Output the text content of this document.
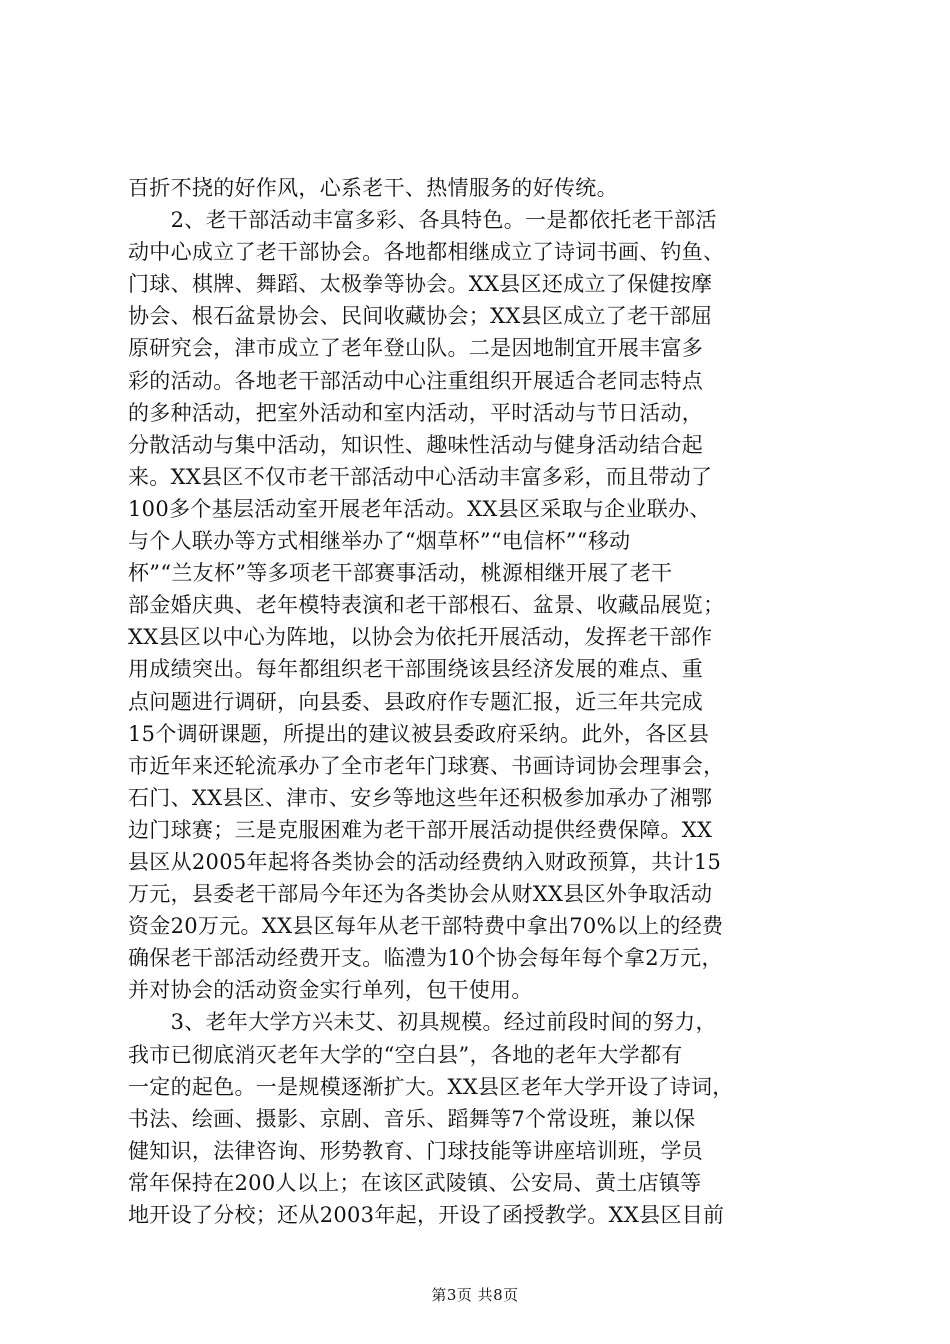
百折不挠的好作风，心系老干、热情服务的好传统。
　　2、老干部活动丰富多彩、各具特色。一是都依托老干部活
动中心成立了老干部协会。各地都相继成立了诗词书画、钓鱼、
门球、棋牌、舞蹈、太极拳等协会。XX县区还成立了保健按摩
协会、根石盆景协会、民间收藏协会；XX县区成立了老干部屈
原研究会，津市成立了老年登山队。二是因地制宜开展丰富多
彩的活动。各地老干部活动中心注重组织开展适合老同志特点
的多种活动，把室外活动和室内活动，平时活动与节日活动，
分散活动与集中活动，知识性、趣味性活动与健身活动结合起
来。XX县区不仅市老干部活动中心活动丰富多彩，而且带动了
100多个基层活动室开展老年活动。XX县区采取与企业联办、
与个人联办等方式相继举办了“烟草杯”“电信杯”“移动
杯”“兰友杯”等多项老干部赛事活动，桃源相继开展了老干
部金婚庆典、老年模特表演和老干部根石、盆景、收藏品展览；
XX县区以中心为阵地，以协会为依托开展活动，发挥老干部作
用成绩突出。每年都组织老干部围绕该县经济发展的难点、重
点问题进行调研，向县委、县政府作专题汇报，近三年共完成
15个调研课题，所提出的建议被县委政府采纳。此外，各区县
市近年来还轮流承办了全市老年门球赛、书画诗词协会理事会，
石门、XX县区、津市、安乡等地这些年还积极参加承办了湘鄂
边门球赛；三是克服困难为老干部开展活动提供经费保障。XX
县区从2005年起将各类协会的活动经费纳入财政预算，共计15
万元，县委老干部局今年还为各类协会从财XX县区外争取活动
资金20万元。XX县区每年从老干部特费中拿出70%以上的经费
确保老干部活动经费开支。临澧为10个协会每年每个拿2万元，
并对协会的活动资金实行单列，包干使用。
　　3、老年大学方兴未艾、初具规模。经过前段时间的努力，
我市已彻底消灭老年大学的“空白县”，各地的老年大学都有
一定的起色。一是规模逐渐扩大。XX县区老年大学开设了诗词，
书法、绘画、摄影、京剧、音乐、蹈舞等7个常设班，兼以保
健知识，法律咨询、形势教育、门球技能等讲座培训班，学员
常年保持在200人以上；在该区武陵镇、公安局、黄土店镇等
地开设了分校；还从2003年起，开设了函授教学。XX县区目前
第3页 共8页
